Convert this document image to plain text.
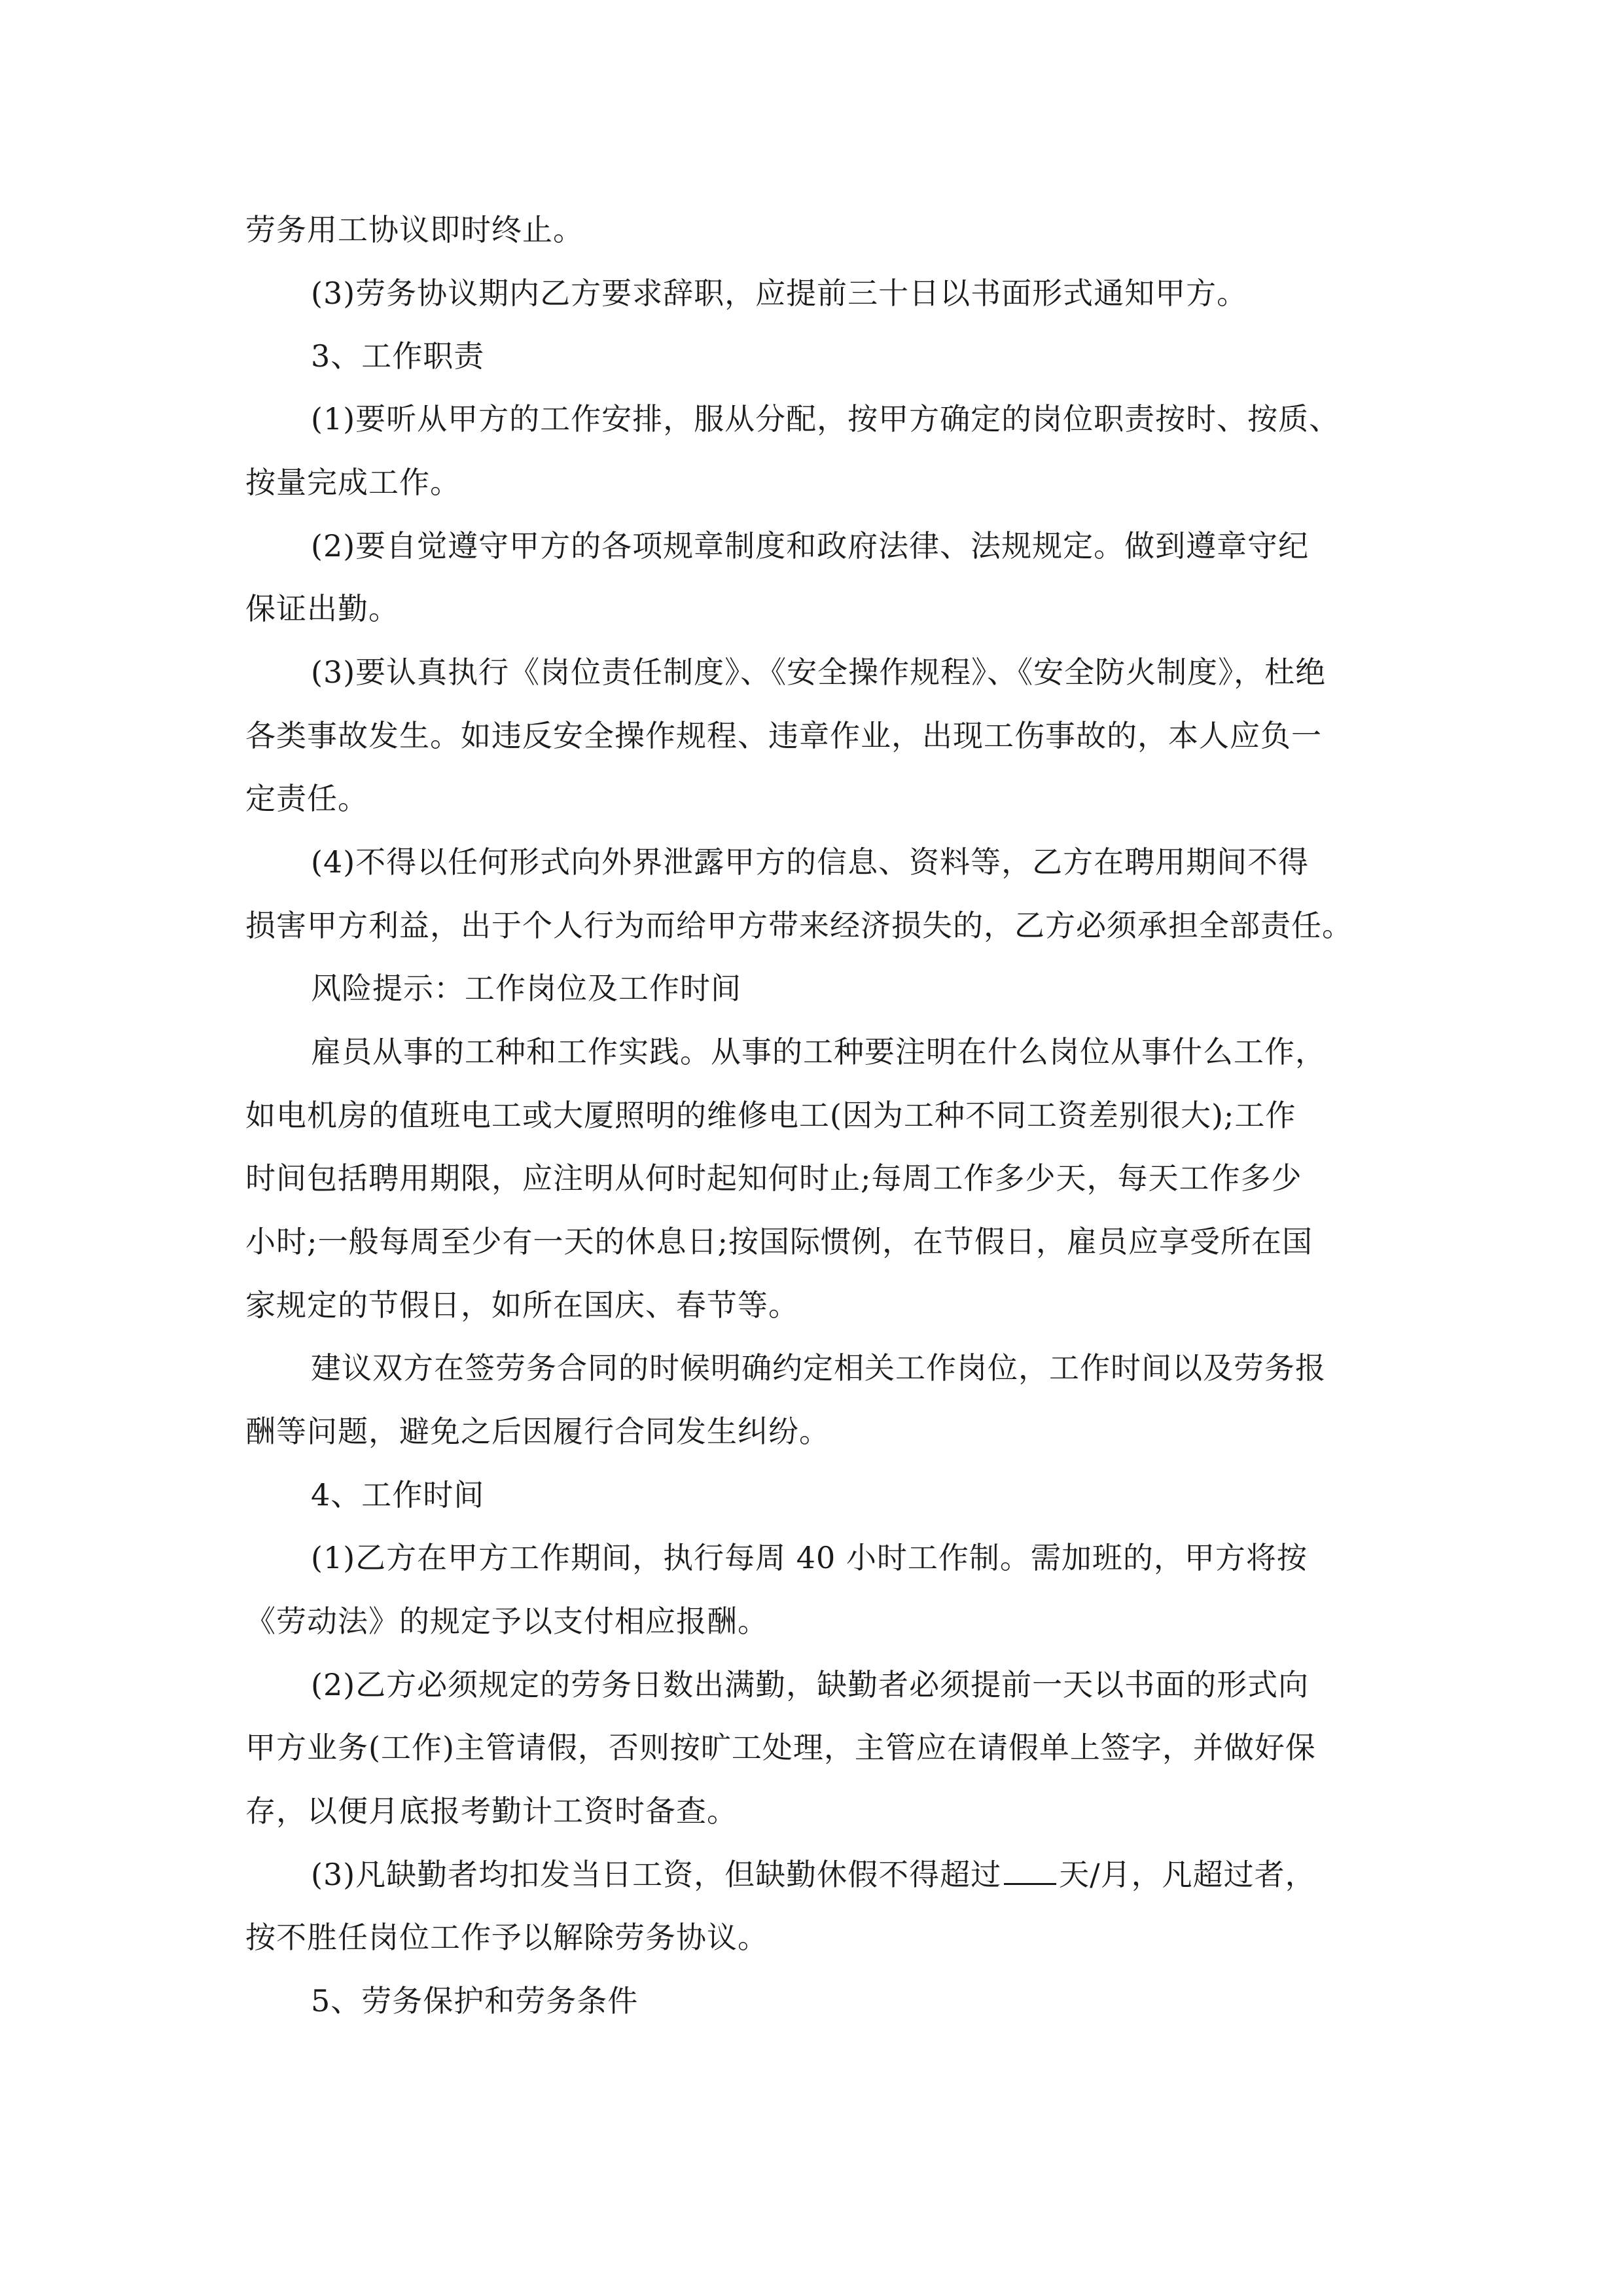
劳务用工协议即时终止。
(3)劳务协议期内乙方要求辞职，应提前三十日以书面形式通知甲方。
3、工作职责
(1)要听从甲方的工作安排，服从分配，按甲方确定的岗位职责按时、按质、
按量完成工作。
(2)要自觉遵守甲方的各项规章制度和政府法律、法规规定。做到遵章守纪
保证出勤。
(3)要认真执行《岗位责任制度》、《安全操作规程》、《安全防火制度》，杜绝
各类事故发生。如违反安全操作规程、违章作业，出现工伤事故的，本人应负一
定责任。
(4)不得以任何形式向外界泄露甲方的信息、资料等，乙方在聘用期间不得
损害甲方利益，出于个人行为而给甲方带来经济损失的，乙方必须承担全部责任。
风险提示：工作岗位及工作时间
雇员从事的工种和工作实践。从事的工种要注明在什么岗位从事什么工作，
如电机房的值班电工或大厦照明的维修电工(因为工种不同工资差别很大);工作
时间包括聘用期限，应注明从何时起知何时止;每周工作多少天，每天工作多少
小时;一般每周至少有一天的休息日;按国际惯例，在节假日，雇员应享受所在国
家规定的节假日，如所在国庆、春节等。
建议双方在签劳务合同的时候明确约定相关工作岗位，工作时间以及劳务报
酬等问题，避免之后因履行合同发生纠纷。
4、工作时间
(1)乙方在甲方工作期间，执行每周 40 小时工作制。需加班的，甲方将按
《劳动法》的规定予以支付相应报酬。
(2)乙方必须规定的劳务日数出满勤，缺勤者必须提前一天以书面的形式向
甲方业务(工作)主管请假，否则按旷工处理，主管应在请假单上签字，并做好保
存，以便月底报考勤计工资时备查。
(3)凡缺勤者均扣发当日工资，但缺勤休假不得超过 天/月，凡超过者，
按不胜任岗位工作予以解除劳务协议。
5、劳务保护和劳务条件
